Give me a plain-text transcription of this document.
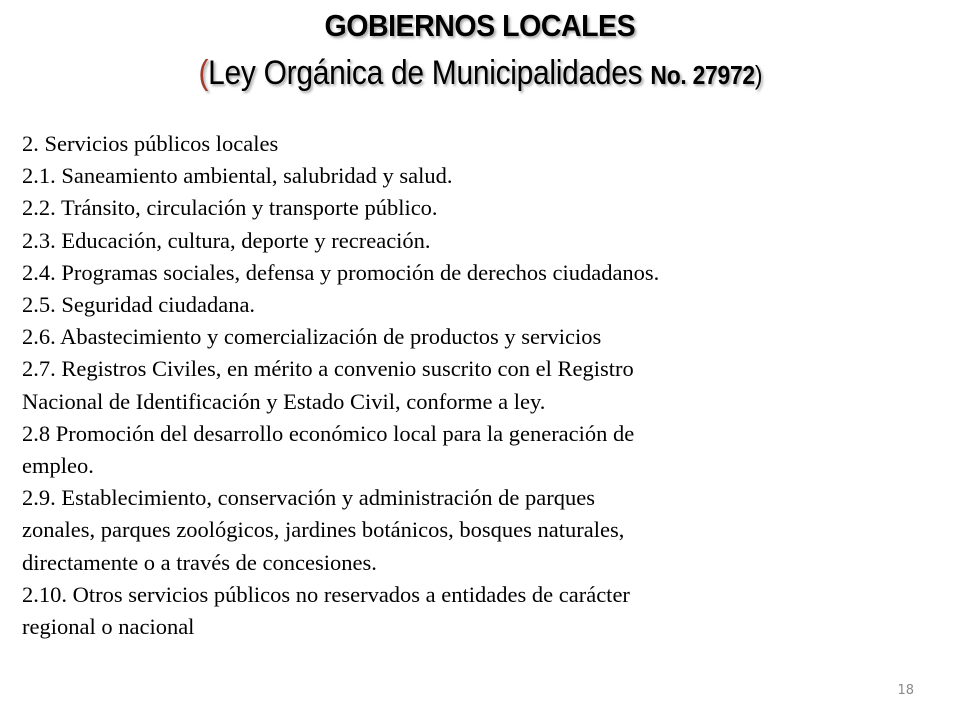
GOBIERNOS LOCALES
(Ley Orgánica de Municipalidades No. 27972)

2. Servicios públicos locales

2.1. Saneamiento ambiental, salubridad y salud.

2.2. Tránsito, circulación y transporte público.

2.3. Educación, cultura, deporte y recreación.

2.4. Programas sociales, defensa y promoción de derechos ciudadanos.

2.5. Seguridad ciudadana.

2.6. Abastecimiento y comercialización de productos y servicios

2.7. Registros Civiles, en mérito a convenio suscrito con el Registro

Nacional de Identificación y Estado Civil, conforme a ley.

2.8 Promoción del desarrollo económico local para la generación de

empleo.

2.9. Establecimiento, conservación y administración de parques

zonales, parques zoológicos, jardines botánicos, bosques naturales,

directamente o a través de concesiones.

2.10. Otros servicios públicos no reservados a entidades de carácter

regional o nacional

18
